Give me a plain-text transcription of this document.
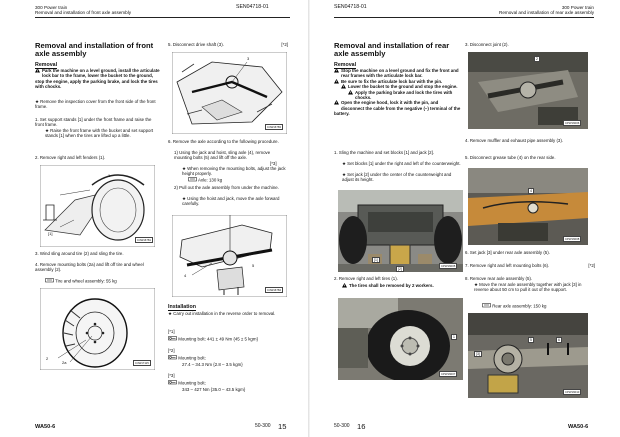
300 Power train
Removal and installation of front axle assembly
SEN04718-01
Removal and installation of front axle assembly
Removal
Park the machine on a level ground, install the articulate lock bar to the frame, lower the bucket to the ground, stop the engine, apply the parking brake, and lock the tires with chocks.
★ Remove the inspection cover from the front side of the front frame.
1. Set support stands [1] under the front frame and raise the front frame.
★ Raise the front frame with the bucket and set support stands [1] when the tires are lifted up a little.
2. Remove right and left fenders (1).
C4W16781
[1]
1
3. Wind sling around tire (2) and sling the tire.
4. Remove mounting bolts (2a) and lift off tire and wheel assembly (2).
Tire and wheel assembly: 55 kg
C4W17115
2
2a
5. Disconnect drive shaft (3).	[*2]
C4W16783
3
6. Remove the axle according to the following procedure.
1) Using the jack and hoist, sling axle (4), remove mounting bolts (5) and lift off the axle.
[*3]
★ When removing the mounting bolts, adjust the jack height properly.
Axle: 130 kg
2) Pull out the axle assembly from under the machine.
★ Using the hoist and jack, move the axle forward carefully.
C4W16784
4
5
Installation
★ Carry out installation in the reverse order to removal.
[*1]
Mounting bolt: 441 ± 49 Nm {45 ± 5 kgm}
[*2]
Mounting bolt:
27.4 – 34.3 Nm {2.8 – 3.5 kgm}
[*3]
Mounting bolt:
343 – 427 Nm {35.0 – 43.5 kgm}
WA50-6	50-300 15
SEN04718-01	300 Power train
Removal and installation of rear axle assembly
Removal and installation of rear axle assembly
Removal
Stop the machine on a level ground and fix the front and rear frames with the articulate lock bar.
Be sure to fix the articulate lock bar with the pin.
Lower the bucket to the ground and stop the engine.
Apply the parking brake and lock the tires with chocks.
Open the engine hood, lock it with the pin, and disconnect the cable from the negative (–) terminal of the battery.
1. Sling the machine and set blocks [1] and jack [2].
★ Set blocks [1] under the right and left of the counterweight.
★ Set jack [2] under the center of the counterweight and adjust its height.
CPW16005
[1]
[2]
2. Remove right and left tires (1).
The tires shall be removed by 2 workers.
CPW16007
1
3. Disconnect joint (2).
CPW16006
2
4. Remove muffler and exhaust pipe assembly (3).
5. Disconnect grease tube (4) on the rear side.
CPW16008
4
6. Set jack [3] under rear axle assembly (5).
7. Remove right and left mounting bolts (6).	[*2]
8. Remove rear axle assembly (5).
★ Move the rear axle assembly together with jack [3] in reverse about 50 cm to pull it out of the support.
Rear axle assembly: 150 kg
CPW16010
[3]
5	6
50-300 16	WA50-6
